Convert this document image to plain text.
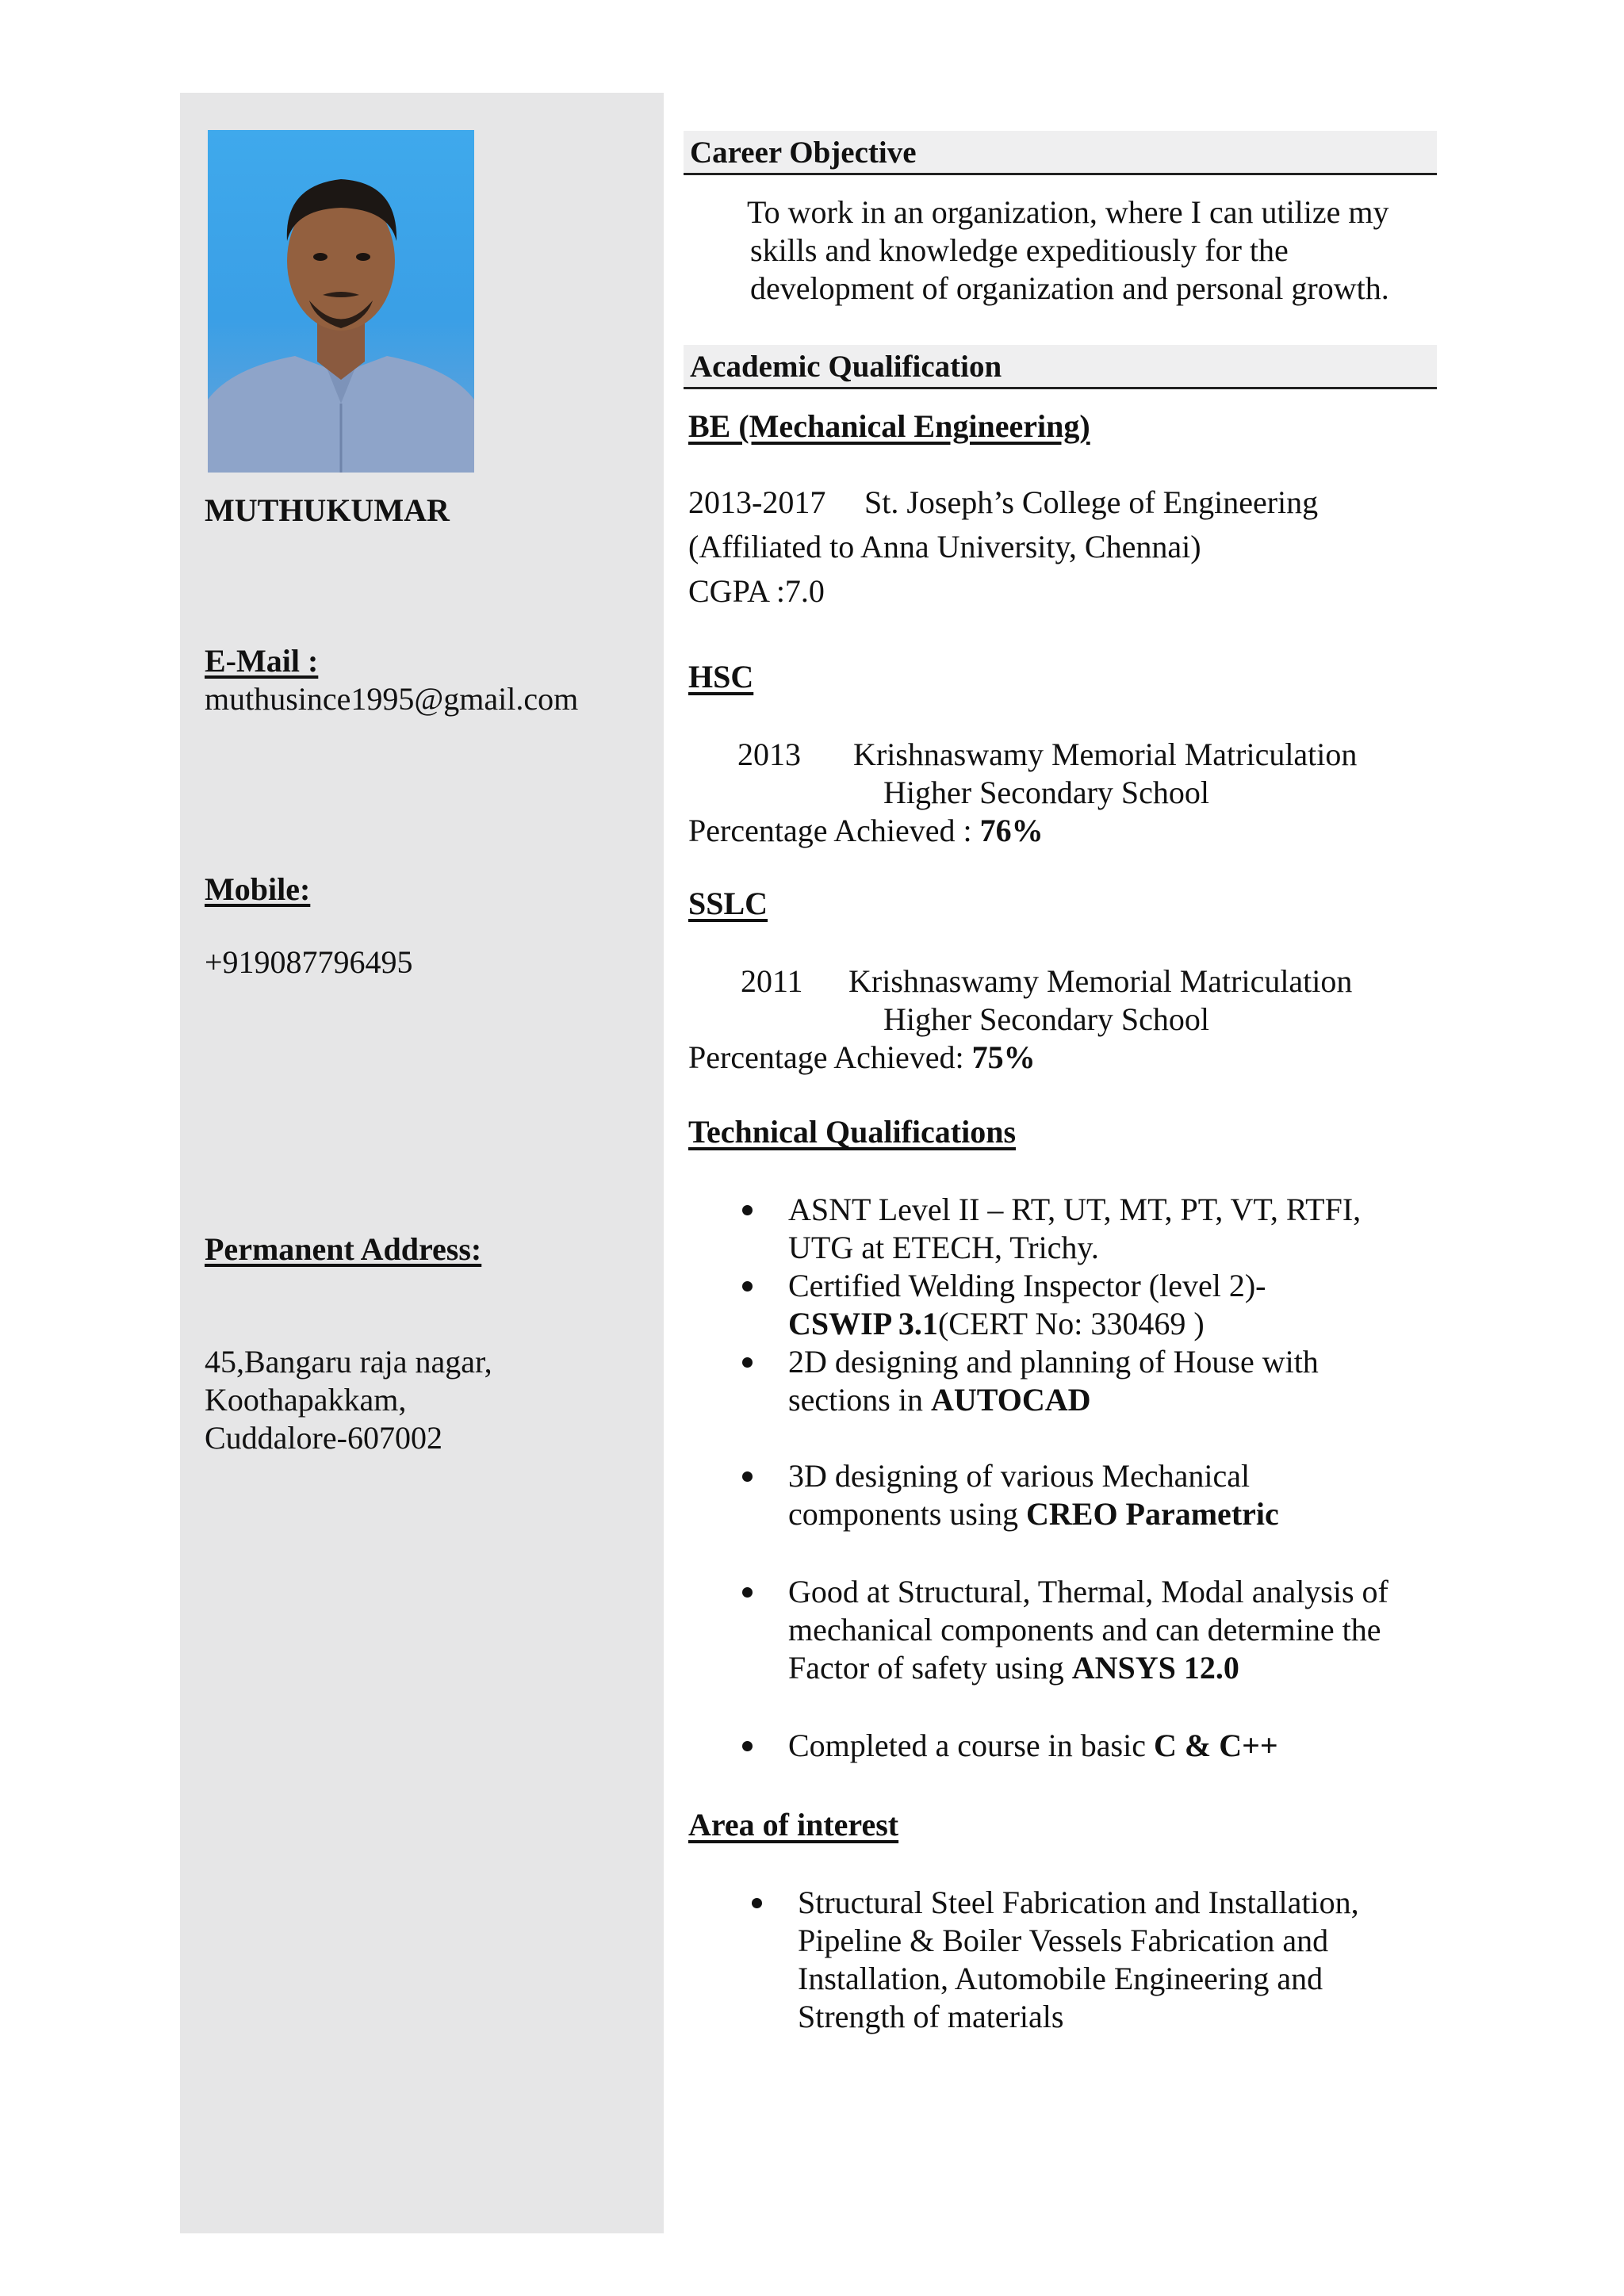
MUTHUKUMAR
E-Mail :
muthusince1995@gmail.com
Mobile:
+919087796495
Permanent Address:
45,Bangaru raja nagar,
Koothapakkam,
Cuddalore-607002
Career Objective
To work in an organization, where I can utilize my
skills and knowledge expeditiously for the
development of organization and personal growth.
Academic Qualification
BE (Mechanical Engineering)
2013-2017 St. Joseph’s College of Engineering
(Affiliated to Anna University, Chennai)
CGPA :7.0
HSC
2013 Krishnaswamy Memorial Matriculation
Higher Secondary School
Percentage Achieved : 76%
SSLC
2011 Krishnaswamy Memorial Matriculation
Higher Secondary School
Percentage Achieved: 75%
Technical Qualifications
ASNT Level II – RT, UT, MT, PT, VT, RTFI,
UTG at ETECH, Trichy.
Certified Welding Inspector (level 2)-
CSWIP 3.1(CERT No: 330469 )
2D designing and planning of House with
sections in AUTOCAD
3D designing of various Mechanical
components using CREO Parametric
Good at Structural, Thermal, Modal analysis of
mechanical components and can determine the
Factor of safety using ANSYS 12.0
Completed a course in basic C & C++
Area of interest
Structural Steel Fabrication and Installation,
Pipeline & Boiler Vessels Fabrication and
Installation, Automobile Engineering and
Strength of materials
